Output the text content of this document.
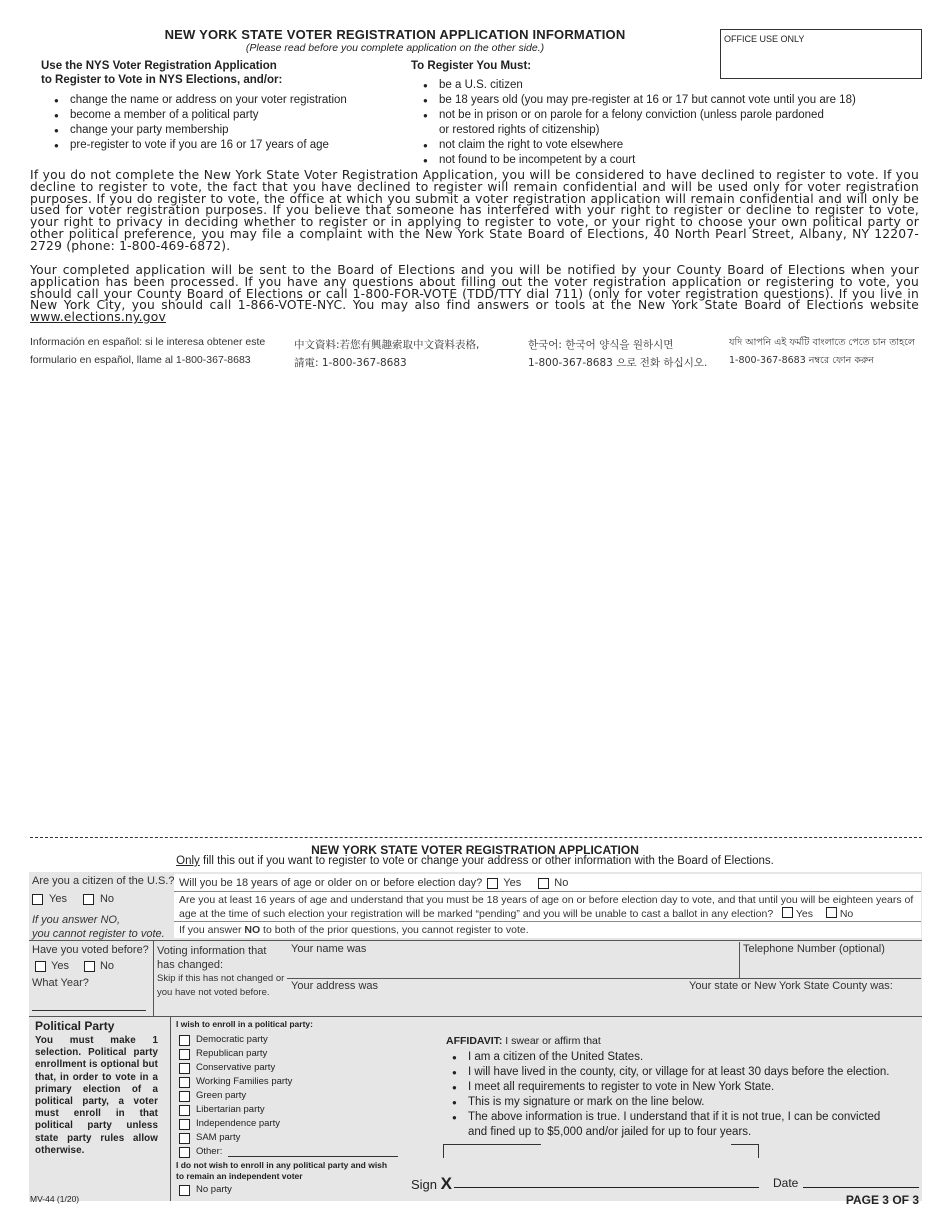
NEW YORK STATE VOTER REGISTRATION APPLICATION INFORMATION
(Please read before you complete application on the other side.)
OFFICE USE ONLY
Use the NYS Voter Registration Application
to Register to Vote in NYS Elections, and/or:
● change the name or address on your voter registration
● become a member of a political party
● change your party membership
● pre-register to vote if you are 16 or 17 years of age
To Register You Must:
● be a U.S. citizen
● be 18 years old (you may pre-register at 16 or 17 but cannot vote until you are 18)
● not be in prison or on parole for a felony conviction (unless parole pardoned
or restored rights of citizenship)
● not claim the right to vote elsewhere
● not found to be incompetent by a court
If you do not complete the New York State Voter Registration Application, you will be considered to have declined to register to vote. If you decline to register to vote, the fact that you have declined to register will remain confidential and will be used only for voter registration purposes. If you do register to vote, the office at which you submit a voter registration application will remain confidential and will only be used for voter registration purposes. If you believe that someone has interfered with your right to register or decline to register to vote, your right to privacy in deciding whether to register or in applying to register to vote, or your right to choose your own political party or other political preference, you may file a complaint with the New York State Board of Elections, 40 North Pearl Street, Albany, NY 12207-2729 (phone: 1-800-469-6872).
Your completed application will be sent to the Board of Elections and you will be notified by your County Board of Elections when your application has been processed. If you have any questions about filling out the voter registration application or registering to vote, you should call your County Board of Elections or call 1-800-FOR-VOTE (TDD/TTY dial 711) (only for voter registration questions). If you live in New York City, you should call 1-866-VOTE-NYC. You may also find answers or tools at the New York State Board of Elections website www.elections.ny.gov
Información en español: si le interesa obtener este
formulario en español, llame al 1-800-367-8683
中文資料:若您有興趣索取中文資料表格,
請電: 1-800-367-8683
한국어: 한국어 양식을 원하시면
1-800-367-8683 으로 전화 하십시오.
যদি আপনি এই ফর্মটি বাংলাতে পেতে চান তাহলে
1-800-367-8683 নম্বরে ফোন করুন
NEW YORK STATE VOTER REGISTRATION APPLICATION
Only fill this out if you want to register to vote or change your address or other information with the Board of Elections.
Are you a citizen of the U.S.?
Yes	No
If you answer NO,
you cannot register to vote.
Will you be 18 years of age or older on or before election day? Yes	No
Are you at least 16 years of age and understand that you must be 18 years of age on or before election day to vote, and that until you will be eighteen years of age at the time of such election your registration will be marked “pending” and you will be unable to cast a ballot in any election? Yes	No
If you answer NO to both of the prior questions, you cannot register to vote.
Have you voted before?
Yes	No
What Year?
Voting information that
has changed:
Skip if this has not changed or
you have not voted before.
Your name was	Telephone Number (optional)
Your address was	Your state or New York State County was:
Political Party
You must make 1 selection. Political party enrollment is optional but that, in order to vote in a primary election of a political party, a voter must enroll in that political party unless state party rules allow otherwise.
I wish to enroll in a political party:
Democratic party
Republican party
Conservative party
Working Families party
Green party
Libertarian party
Independence party
SAM party
Other:
I do not wish to enroll in any political party and wish
to remain an independent voter
No party
AFFIDAVIT: I swear or affirm that
● I am a citizen of the United States.
● I will have lived in the county, city, or village for at least 30 days before the election.
● I meet all requirements to register to vote in New York State.
● This is my signature or mark on the line below.
● The above information is true. I understand that if it is not true, I can be convicted
and fined up to $5,000 and/or jailed for up to four years.
Sign X	Date
MV-44 (1/20)	PAGE 3 OF 3
